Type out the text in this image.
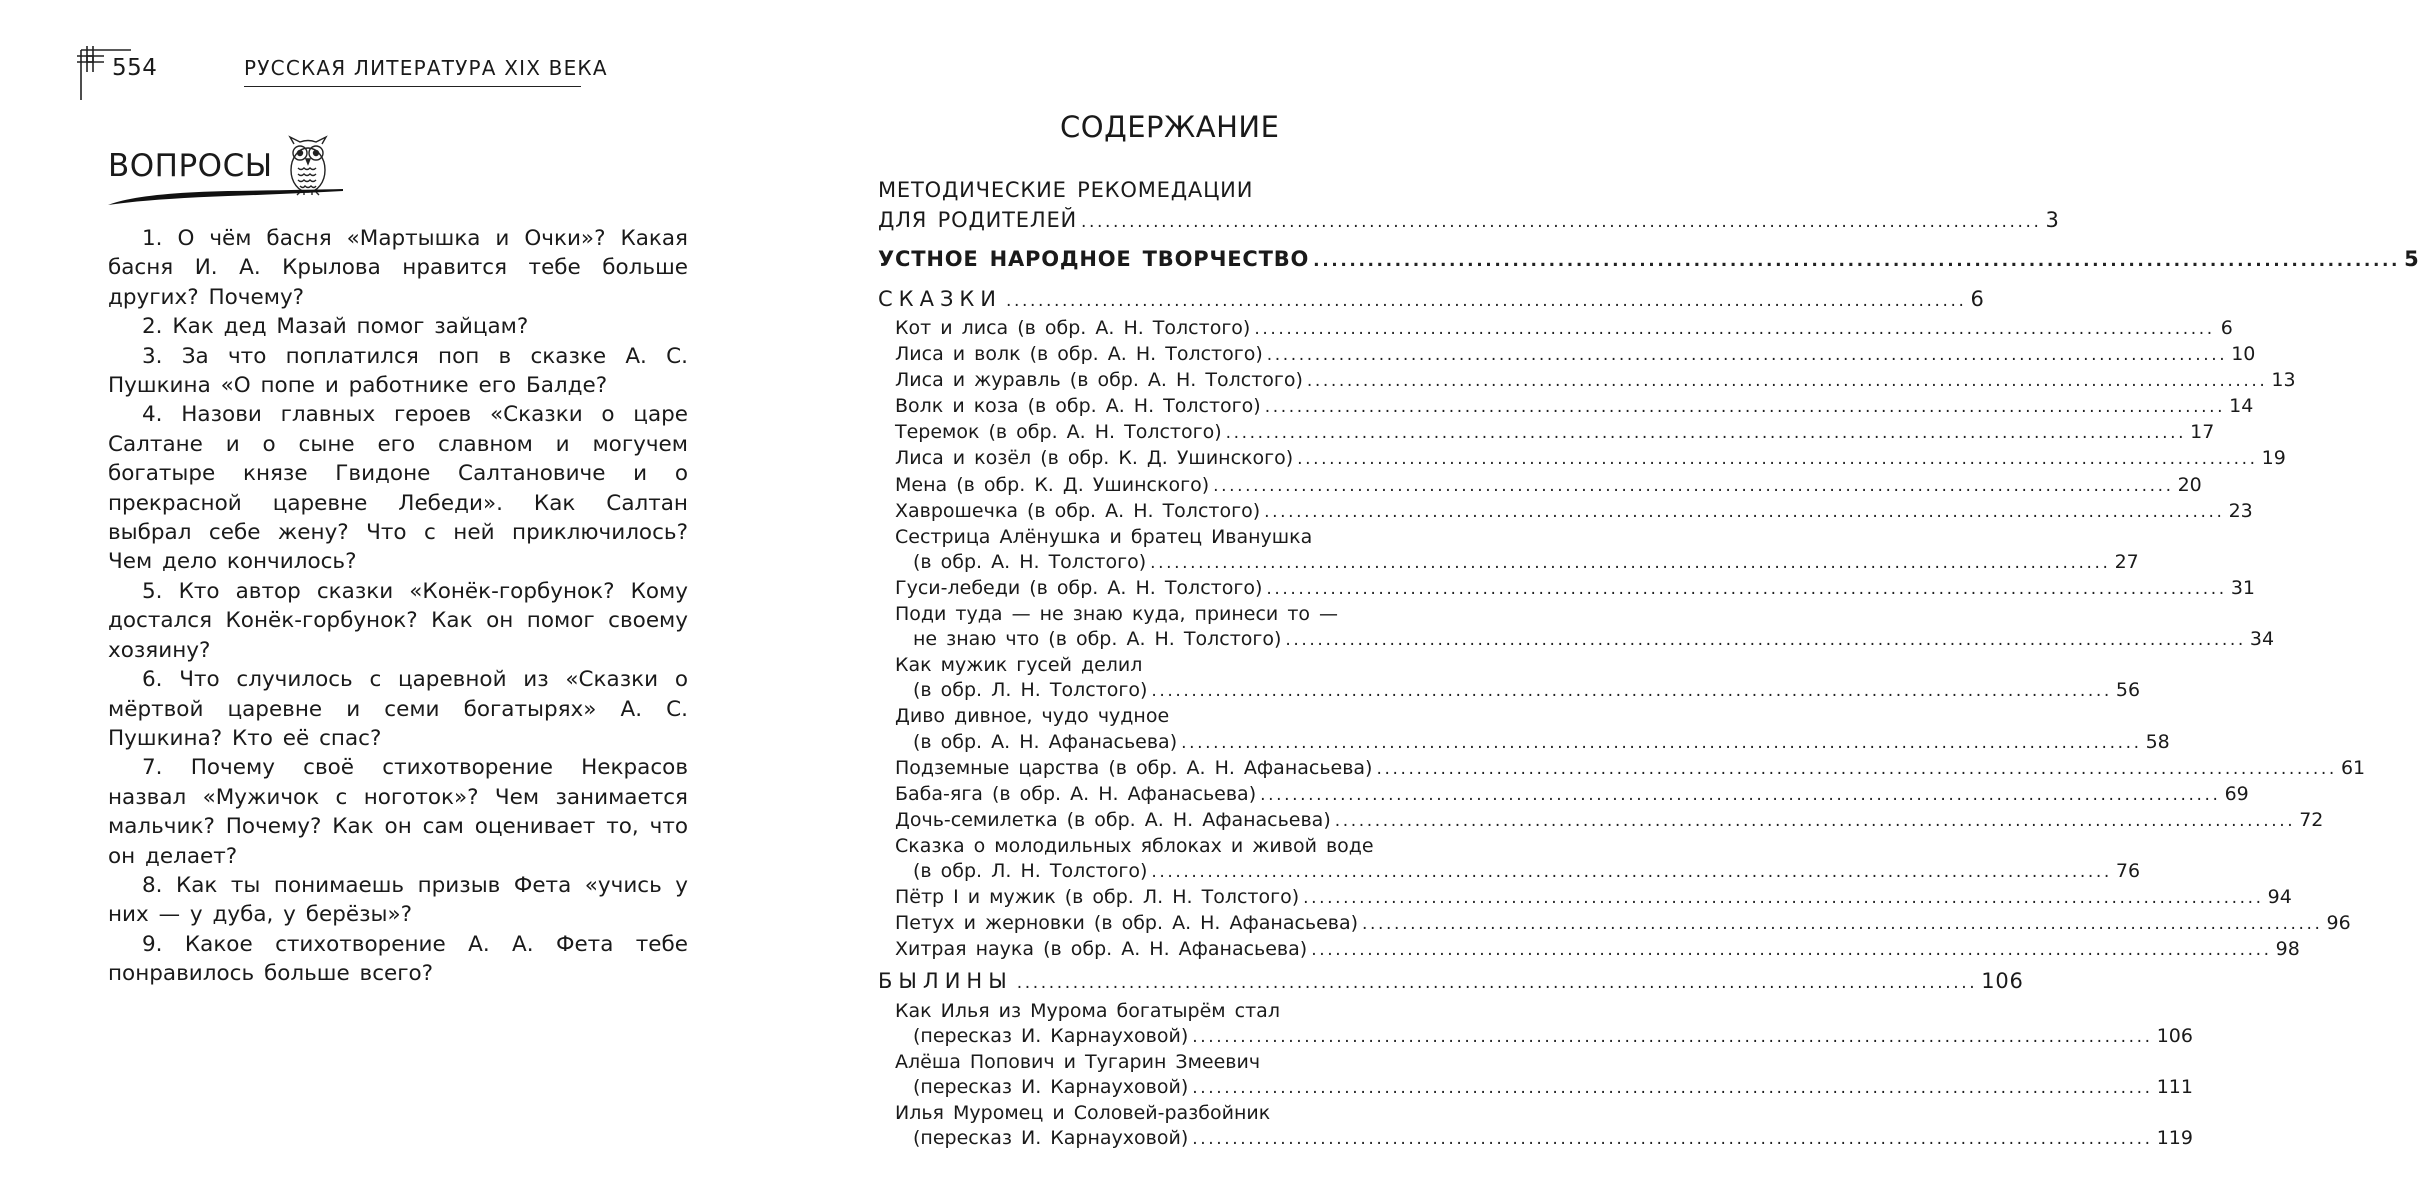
554	РУССКАЯ ЛИТЕРАТУРА XIX ВЕКА
ВОПРОСЫ
1. О чём басня «Мартышка и Очки»? Какая басня И. А. Крылова нравится тебе больше других? Почему?
2. Как дед Мазай помог зайцам?
3. За что поплатился поп в сказке А. С. Пушкина «О попе и работнике его Балде?
4. Назови главных героев «Сказки о царе Салтане и о сыне его славном и могучем богатыре князе Гвидоне Салтановиче и о прекрасной царевне Лебеди». Как Салтан выбрал себе жену? Что с ней приключилось? Чем дело кончилось?
5. Кто автор сказки «Конёк-горбунок? Кому достался Конёк-горбунок? Как он помог своему хозяину?
6. Что случилось с царевной из «Сказки о мёртвой царевне и семи богатырях» А. С. Пушкина? Кто её спас?
7. Почему своё стихотворение Некрасов назвал «Мужичок с ноготок»? Чем занимается мальчик? Почему? Как он сам оценивает то, что он делает?
8. Как ты понимаешь призыв Фета «учись у них — у дуба, у берёзы»?
9. Какое стихотворение А. А. Фета тебе понравилось больше всего?
СОДЕРЖАНИЕ
МЕТОДИЧЕСКИЕ РЕКОМЕДАЦИИ
ДЛЯ РОДИТЕЛЕЙ ........................................................................................................................ 3
УСТНОЕ НАРОДНОЕ ТВОРЧЕСТВО ........................................................................................................................ 5
СКАЗКИ ........................................................................................................................ 6
Кот и лиса (в обр. А. Н. Толстого) ........................................................................................................................ 6
Лиса и волк (в обр. А. Н. Толстого) ........................................................................................................................ 10
Лиса и журавль (в обр. А. Н. Толстого) ........................................................................................................................ 13
Волк и коза (в обр. А. Н. Толстого) ........................................................................................................................ 14
Теремок (в обр. А. Н. Толстого) ........................................................................................................................ 17
Лиса и козёл (в обр. К. Д. Ушинского) ........................................................................................................................ 19
Мена (в обр. К. Д. Ушинского) ........................................................................................................................ 20
Хаврошечка (в обр. А. Н. Толстого) ........................................................................................................................ 23
Сестрица Алёнушка и братец Иванушка
(в обр. А. Н. Толстого) ........................................................................................................................ 27
Гуси-лебеди (в обр. А. Н. Толстого) ........................................................................................................................ 31
Поди туда — не знаю куда, принеси то —
не знаю что (в обр. А. Н. Толстого) ........................................................................................................................ 34
Как мужик гусей делил
(в обр. Л. Н. Толстого) ........................................................................................................................ 56
Диво дивное, чудо чудное
(в обр. А. Н. Афанасьева) ........................................................................................................................ 58
Подземные царства (в обр. А. Н. Афанасьева) ........................................................................................................................ 61
Баба-яга (в обр. А. Н. Афанасьева) ........................................................................................................................ 69
Дочь-семилетка (в обр. А. Н. Афанасьева) ........................................................................................................................ 72
Сказка о молодильных яблоках и живой воде
(в обр. Л. Н. Толстого) ........................................................................................................................ 76
Пётр I и мужик (в обр. Л. Н. Толстого) ........................................................................................................................ 94
Петух и жерновки (в обр. А. Н. Афанасьева) ........................................................................................................................ 96
Хитрая наука (в обр. А. Н. Афанасьева) ........................................................................................................................ 98
БЫЛИНЫ ........................................................................................................................ 106
Как Илья из Мурома богатырём стал
(пересказ И. Карнауховой) ........................................................................................................................ 106
Алёша Попович и Тугарин Змеевич
(пересказ И. Карнауховой) ........................................................................................................................ 111
Илья Муромец и Соловей-разбойник
(пересказ И. Карнауховой) ........................................................................................................................ 119
